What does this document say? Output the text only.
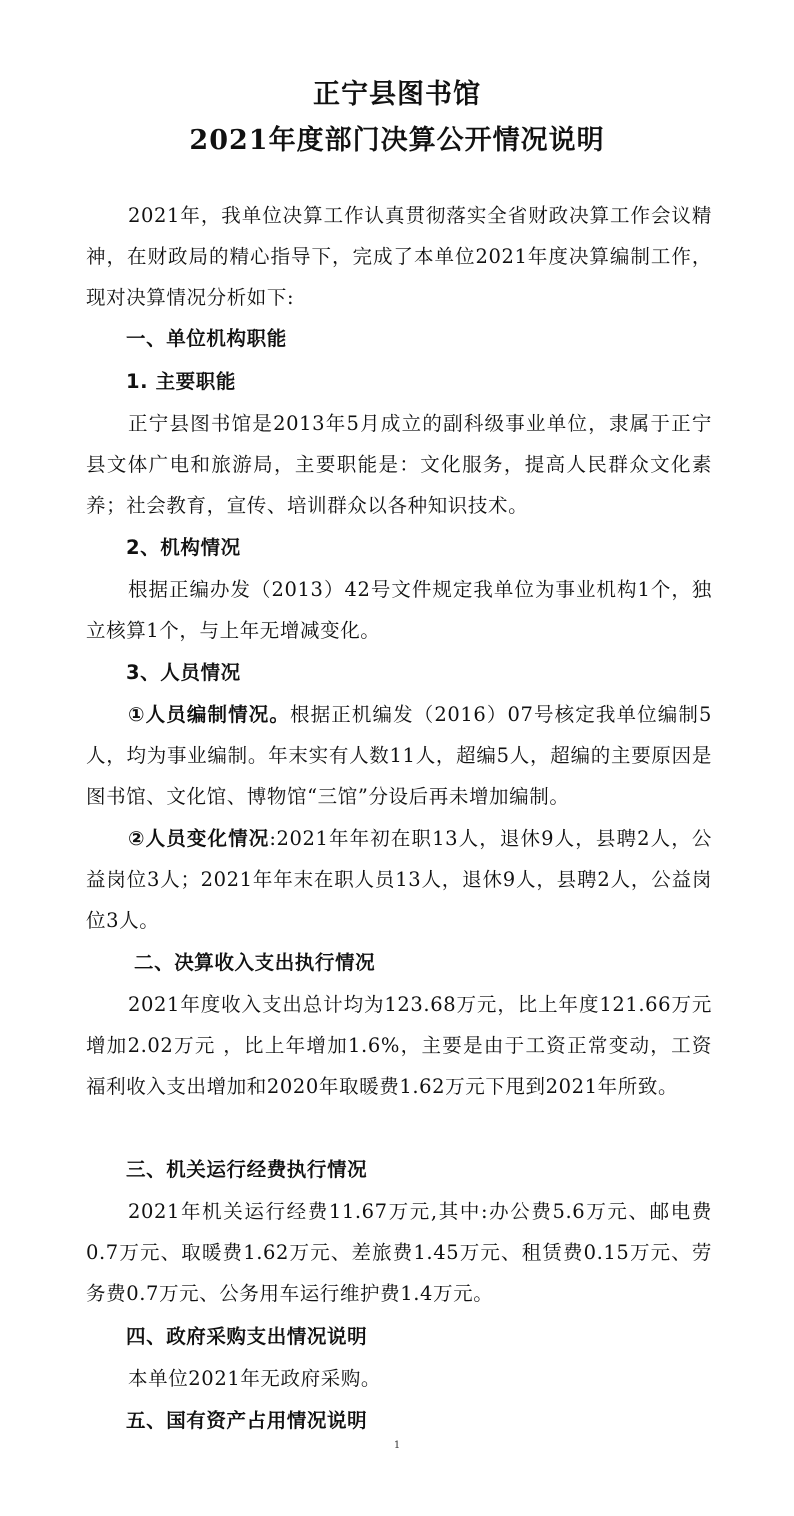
正宁县图书馆
2021年度部门决算公开情况说明

2021年，我单位决算工作认真贯彻落实全省财政决算工作会议精神，在财政局的精心指导下，完成了本单位2021年度决算编制工作，现对决算情况分析如下:

一、单位机构职能
1. 主要职能

正宁县图书馆是2013年5月成立的副科级事业单位，隶属于正宁县文体广电和旅游局，主要职能是：文化服务，提高人民群众文化素养；社会教育，宣传、培训群众以各种知识技术。

2、机构情况

根据正编办发（2013）42号文件规定我单位为事业机构1个，独立核算1个，与上年无增减变化。

3、人员情况

①人员编制情况。根据正机编发（2016）07号核定我单位编制5人，均为事业编制。年末实有人数11人，超编5人，超编的主要原因是图书馆、文化馆、博物馆“三馆”分设后再未增加编制。

②人员变化情况:2021年年初在职13人，退休9人，县聘2人，公益岗位3人；2021年年末在职人员13人，退休9人，县聘2人，公益岗位3人。

二、决算收入支出执行情况

2021年度收入支出总计均为123.68万元，比上年度121.66万元增加2.02万元 ，比上年增加1.6%，主要是由于工资正常变动，工资福利收入支出增加和2020年取暖费1.62万元下甩到2021年所致。

三、机关运行经费执行情况

2021年机关运行经费11.67万元,其中:办公费5.6万元、邮电费0.7万元、取暖费1.62万元、差旅费1.45万元、租赁费0.15万元、劳务费0.7万元、公务用车运行维护费1.4万元。

四、政府采购支出情况说明

本单位2021年无政府采购。

五、国有资产占用情况说明
1
